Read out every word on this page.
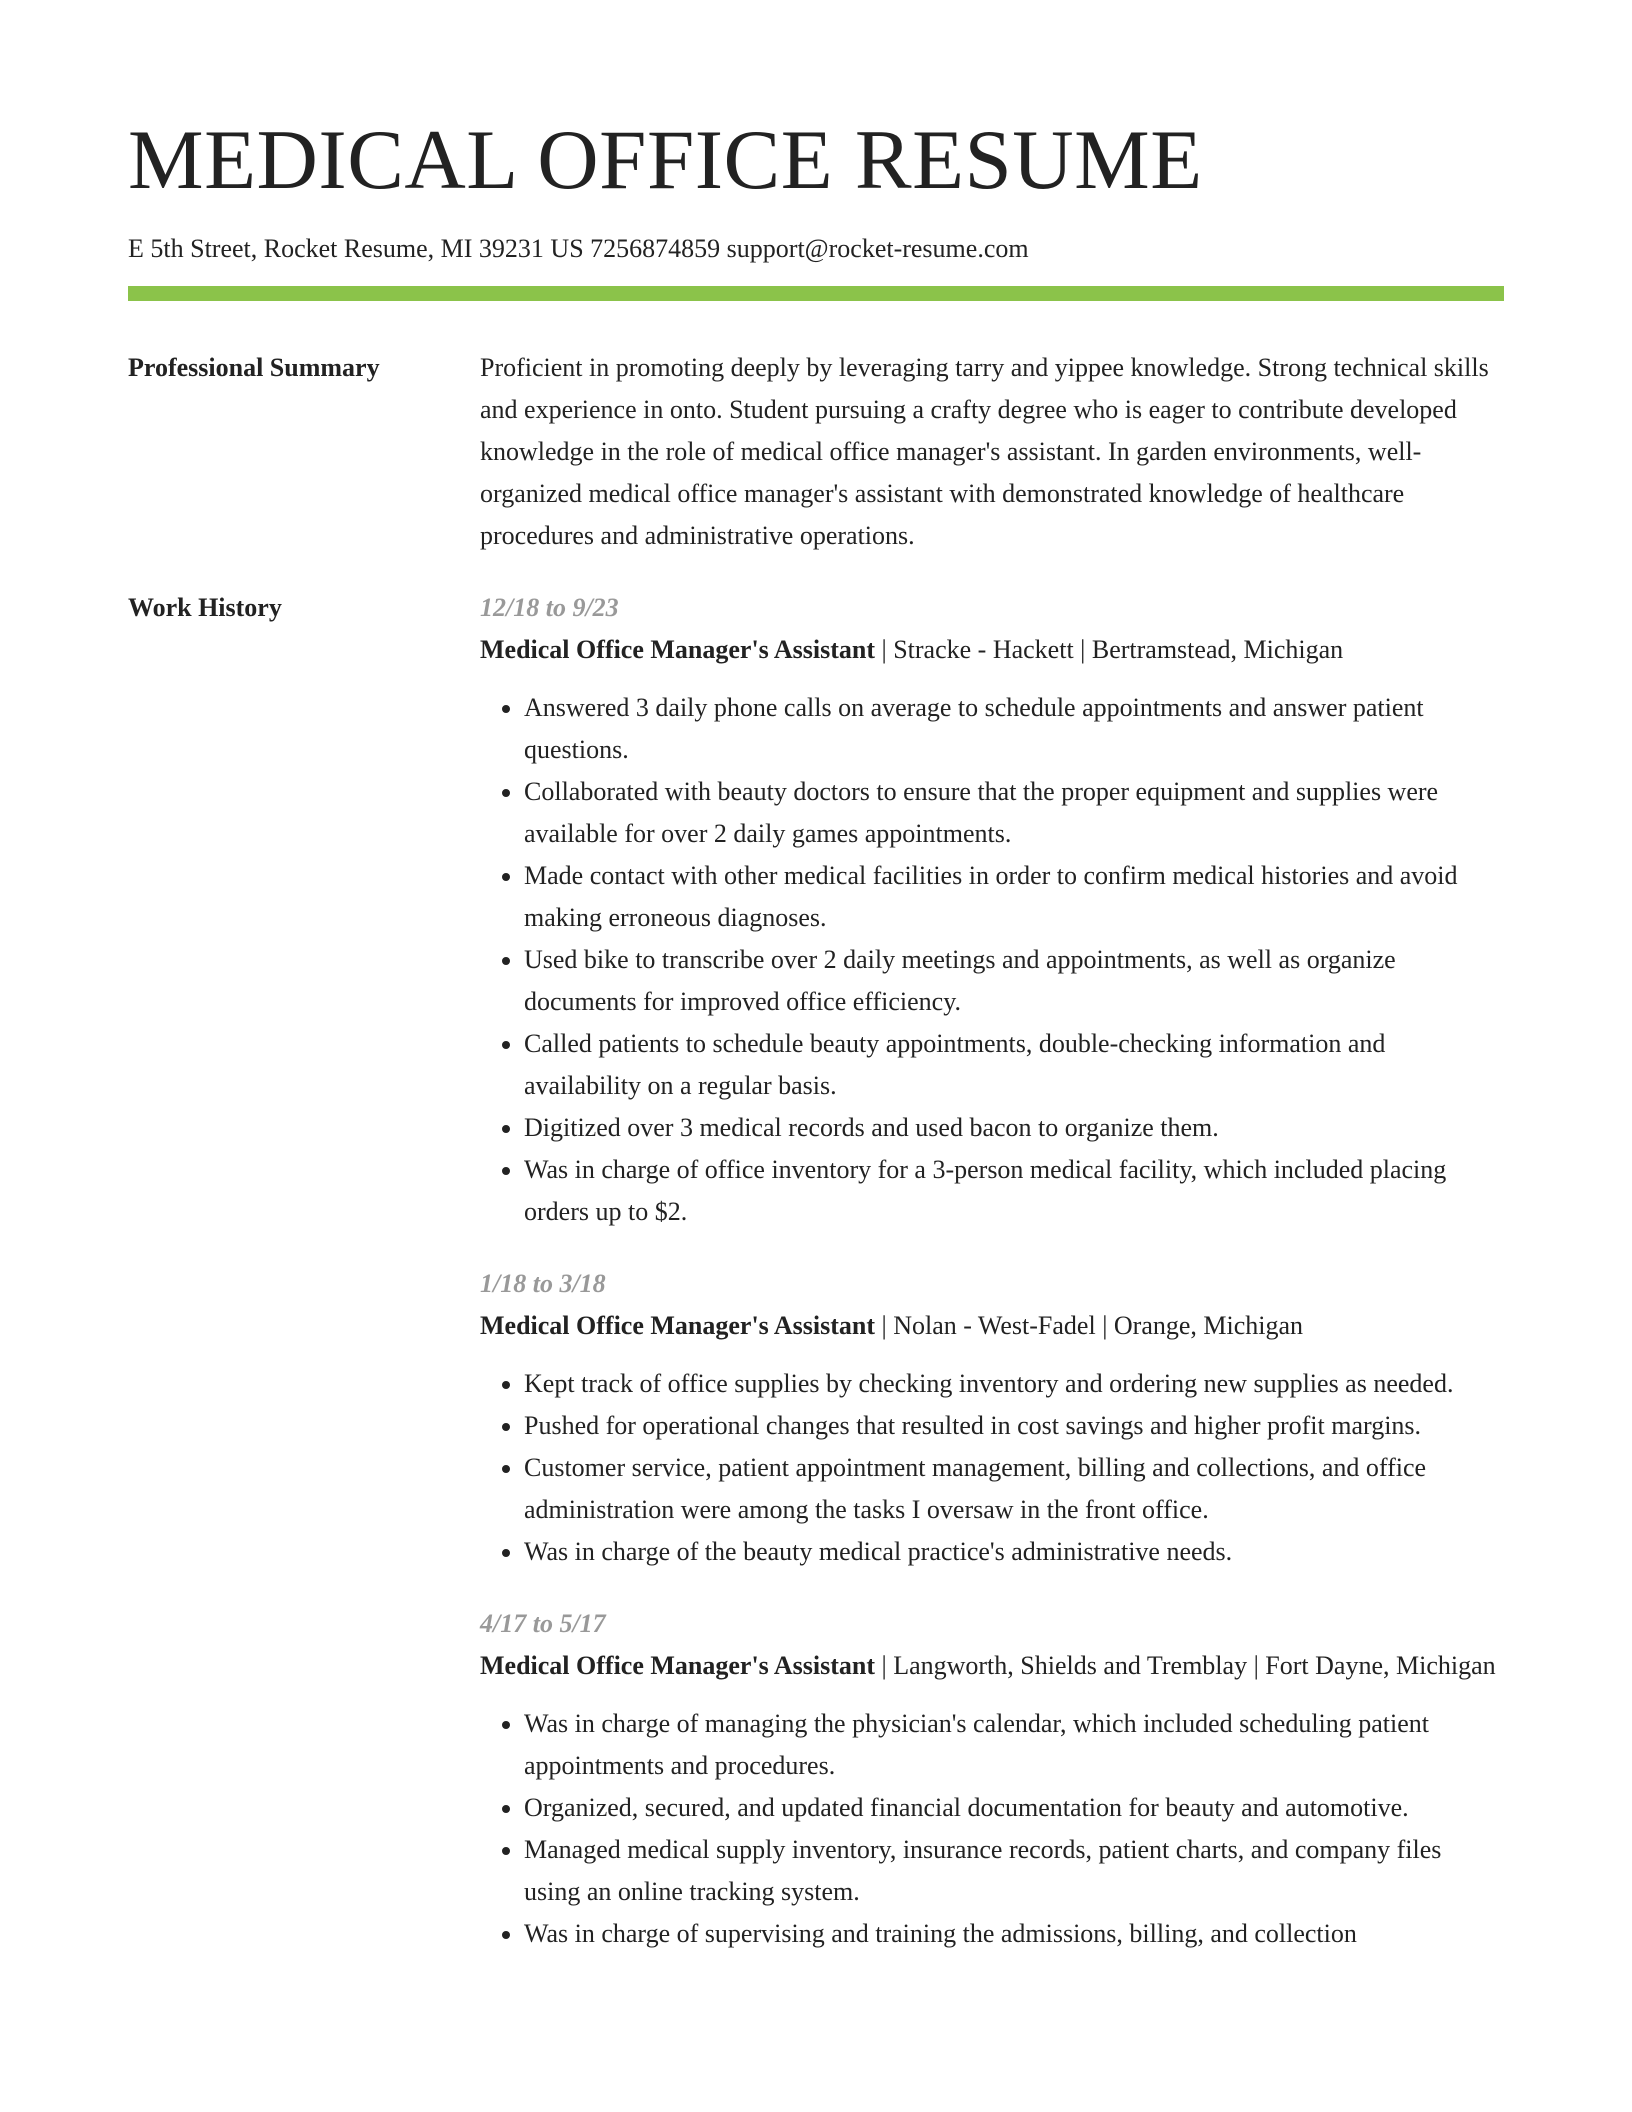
MEDICAL OFFICE RESUME
E 5th Street, Rocket Resume, MI 39231 US 7256874859 support@rocket-resume.com
Professional Summary	Proficient in promoting deeply by leveraging tarry and yippee knowledge. Strong technical skills and experience in onto. Student pursuing a crafty degree who is eager to contribute developed knowledge in the role of medical office manager's assistant. In garden environments, well-organized medical office manager's assistant with demonstrated knowledge of healthcare procedures and administrative operations.

Work History	12/18 to 9/23
Medical Office Manager's Assistant | Stracke - Hackett | Bertramstead, Michigan
• Answered 3 daily phone calls on average to schedule appointments and answer patient questions.
• Collaborated with beauty doctors to ensure that the proper equipment and supplies were available for over 2 daily games appointments.
• Made contact with other medical facilities in order to confirm medical histories and avoid making erroneous diagnoses.
• Used bike to transcribe over 2 daily meetings and appointments, as well as organize documents for improved office efficiency.
• Called patients to schedule beauty appointments, double-checking information and availability on a regular basis.
• Digitized over 3 medical records and used bacon to organize them.
• Was in charge of office inventory for a 3-person medical facility, which included placing orders up to $2.
1/18 to 3/18
Medical Office Manager's Assistant | Nolan - West-Fadel | Orange, Michigan
• Kept track of office supplies by checking inventory and ordering new supplies as needed.
• Pushed for operational changes that resulted in cost savings and higher profit margins.
• Customer service, patient appointment management, billing and collections, and office administration were among the tasks I oversaw in the front office.
• Was in charge of the beauty medical practice's administrative needs.
4/17 to 5/17
Medical Office Manager's Assistant | Langworth, Shields and Tremblay | Fort Dayne, Michigan
• Was in charge of managing the physician's calendar, which included scheduling patient appointments and procedures.
• Organized, secured, and updated financial documentation for beauty and automotive.
• Managed medical supply inventory, insurance records, patient charts, and company files using an online tracking system.
• Was in charge of supervising and training the admissions, billing, and collection
